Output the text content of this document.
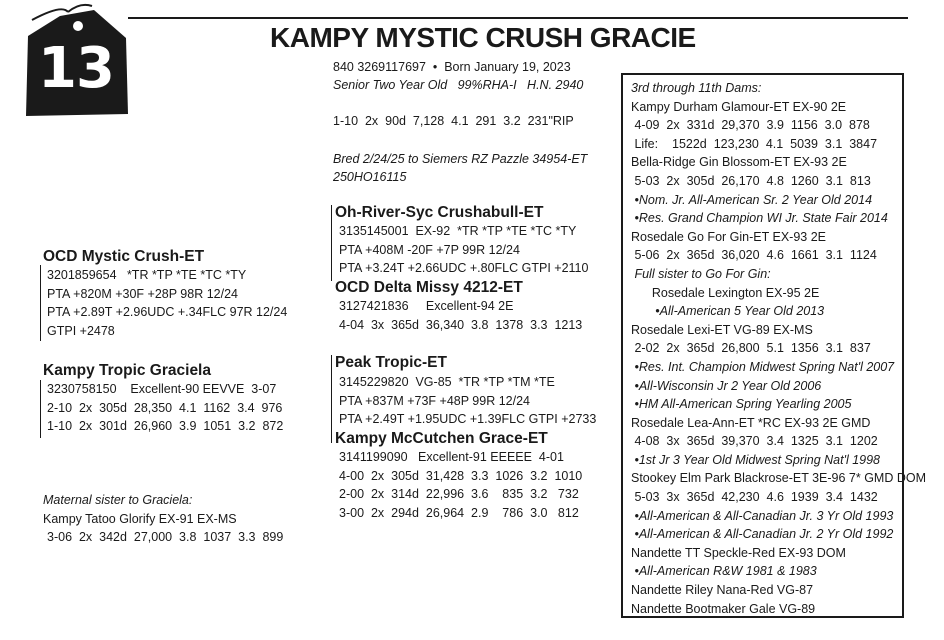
13	KAMPY MYSTIC CRUSH GRACIE
840 3269117697  •  Born January 19, 2023
Senior Two Year Old   99%RHA-I   H.N. 2940
1-10  2x  90d  7,128  4.1  291  3.2  231"RIP
Bred 2/24/25 to Siemers RZ Pazzle 34954-ET
250HO16115
OCD Mystic Crush-ET
3201859654   *TR *TP *TE *TC *TY
PTA +820M +30F +28P 98R 12/24
PTA +2.89T +2.96UDC +.34FLC 97R 12/24
GTPI +2478
Kampy Tropic Graciela
3230758150    Excellent-90 EEVVE  3-07
2-10  2x  305d  28,350  4.1  1162  3.4  976
1-10  2x  301d  26,960  3.9  1051  3.2  872
Maternal sister to Graciela:
Kampy Tatoo Glorify EX-91 EX-MS
3-06  2x  342d  27,000  3.8  1037  3.3  899
Oh-River-Syc Crushabull-ET
3135145001  EX-92  *TR *TP *TE *TC *TY
PTA +408M -20F +7P 99R 12/24
PTA +3.24T +2.66UDC +.80FLC GTPI +2110
OCD Delta Missy 4212-ET
3127421836     Excellent-94 2E
4-04  3x  365d  36,340  3.8  1378  3.3  1213
Peak Tropic-ET
3145229820  VG-85  *TR *TP *TM *TE
PTA +837M +73F +48P 99R 12/24
PTA +2.49T +1.95UDC +1.39FLC GTPI +2733
Kampy McCutchen Grace-ET
3141199090   Excellent-91 EEEEE  4-01
4-00  2x  305d  31,428  3.3  1026  3.2  1010
2-00  2x  314d  22,996  3.6    835  3.2   732
3-00  2x  294d  26,964  2.9    786  3.0   812
3rd through 11th Dams:
Kampy Durham Glamour-ET EX-90 2E
4-09  2x  331d  29,370  3.9  1156  3.0  878
Life:    1522d  123,230  4.1  5039  3.1  3847
Bella-Ridge Gin Blossom-ET EX-93 2E
5-03  2x  305d  26,170  4.8  1260  3.1  813
•Nom. Jr. All-American Sr. 2 Year Old 2014
•Res. Grand Champion WI Jr. State Fair 2014
Rosedale Go For Gin-ET EX-93 2E
5-06  2x  365d  36,020  4.6  1661  3.1  1124
Full sister to Go For Gin:
Rosedale Lexington EX-95 2E
•All-American 5 Year Old 2013
Rosedale Lexi-ET VG-89 EX-MS
2-02  2x  365d  26,800  5.1  1356  3.1  837
•Res. Int. Champion Midwest Spring Nat'l 2007
•All-Wisconsin Jr 2 Year Old 2006
•HM All-American Spring Yearling 2005
Rosedale Lea-Ann-ET *RC EX-93 2E GMD
4-08  3x  365d  39,370  3.4  1325  3.1  1202
•1st Jr 3 Year Old Midwest Spring Nat'l 1998
Stookey Elm Park Blackrose-ET 3E-96 7* GMD DOM
5-03  3x  365d  42,230  4.6  1939  3.4  1432
•All-American & All-Canadian Jr. 3 Yr Old 1993
•All-American & All-Canadian Jr. 2 Yr Old 1992
Nandette TT Speckle-Red EX-93 DOM
•All-American R&W 1981 & 1983
Nandette Riley Nana-Red VG-87
Nandette Bootmaker Gale VG-89
